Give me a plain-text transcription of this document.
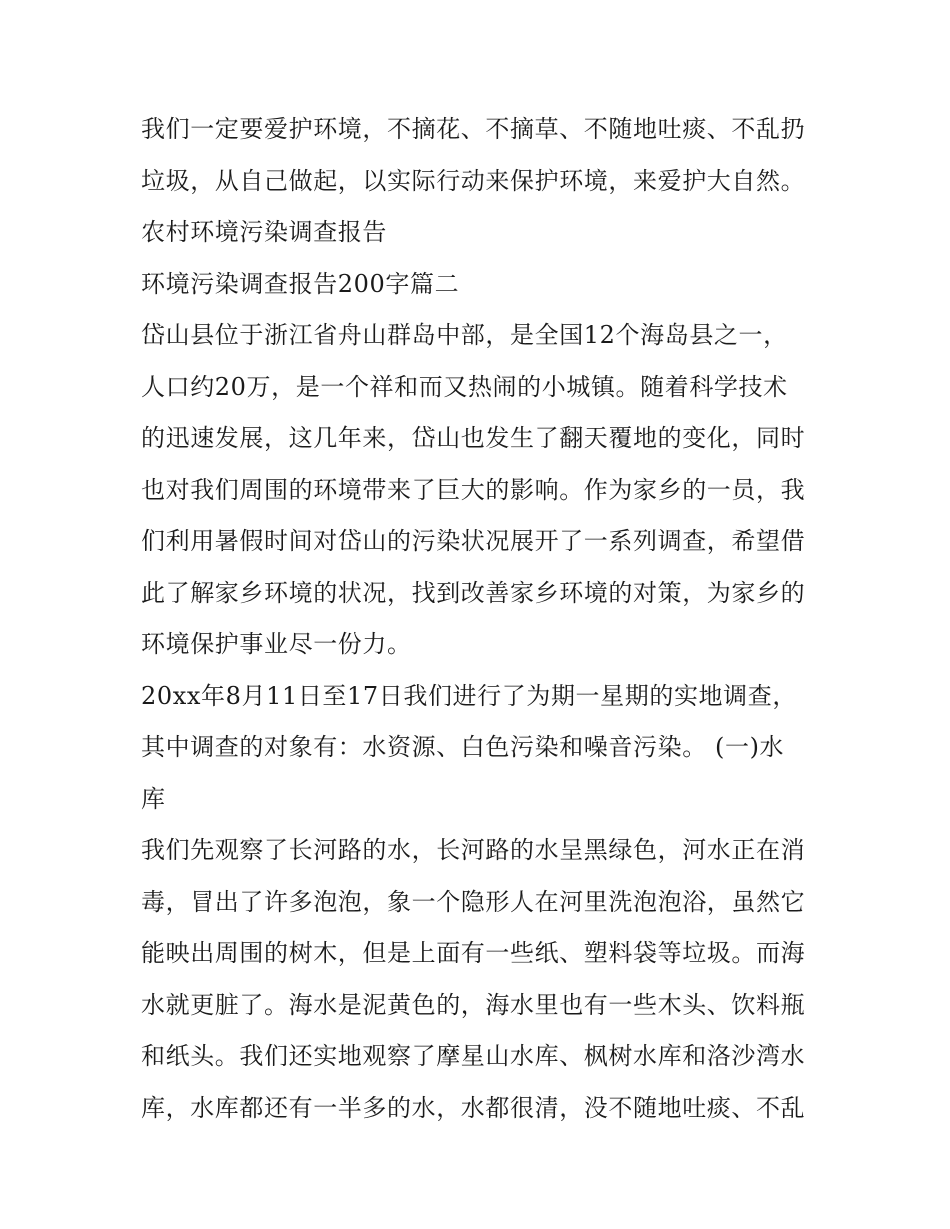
我们一定要爱护环境，不摘花、不摘草、不随地吐痰、不乱扔
垃圾，从自己做起，以实际行动来保护环境，来爱护大自然。
农村环境污染调查报告
环境污染调查报告200字篇二
岱山县位于浙江省舟山群岛中部，是全国12个海岛县之一，
人口约20万，是一个祥和而又热闹的小城镇。随着科学技术
的迅速发展，这几年来，岱山也发生了翻天覆地的变化，同时
也对我们周围的环境带来了巨大的影响。作为家乡的一员，我
们利用暑假时间对岱山的污染状况展开了一系列调查，希望借
此了解家乡环境的状况，找到改善家乡环境的对策，为家乡的
环境保护事业尽一份力。
20xx年8月11日至17日我们进行了为期一星期的实地调查，
其中调查的对象有：水资源、白色污染和噪音污染。 (一)水
库
我们先观察了长河路的水，长河路的水呈黑绿色，河水正在消
毒，冒出了许多泡泡，象一个隐形人在河里洗泡泡浴，虽然它
能映出周围的树木，但是上面有一些纸、塑料袋等垃圾。而海
水就更脏了。海水是泥黄色的，海水里也有一些木头、饮料瓶
和纸头。我们还实地观察了摩星山水库、枫树水库和洛沙湾水
库，水库都还有一半多的水，水都很清，没不随地吐痰、不乱
